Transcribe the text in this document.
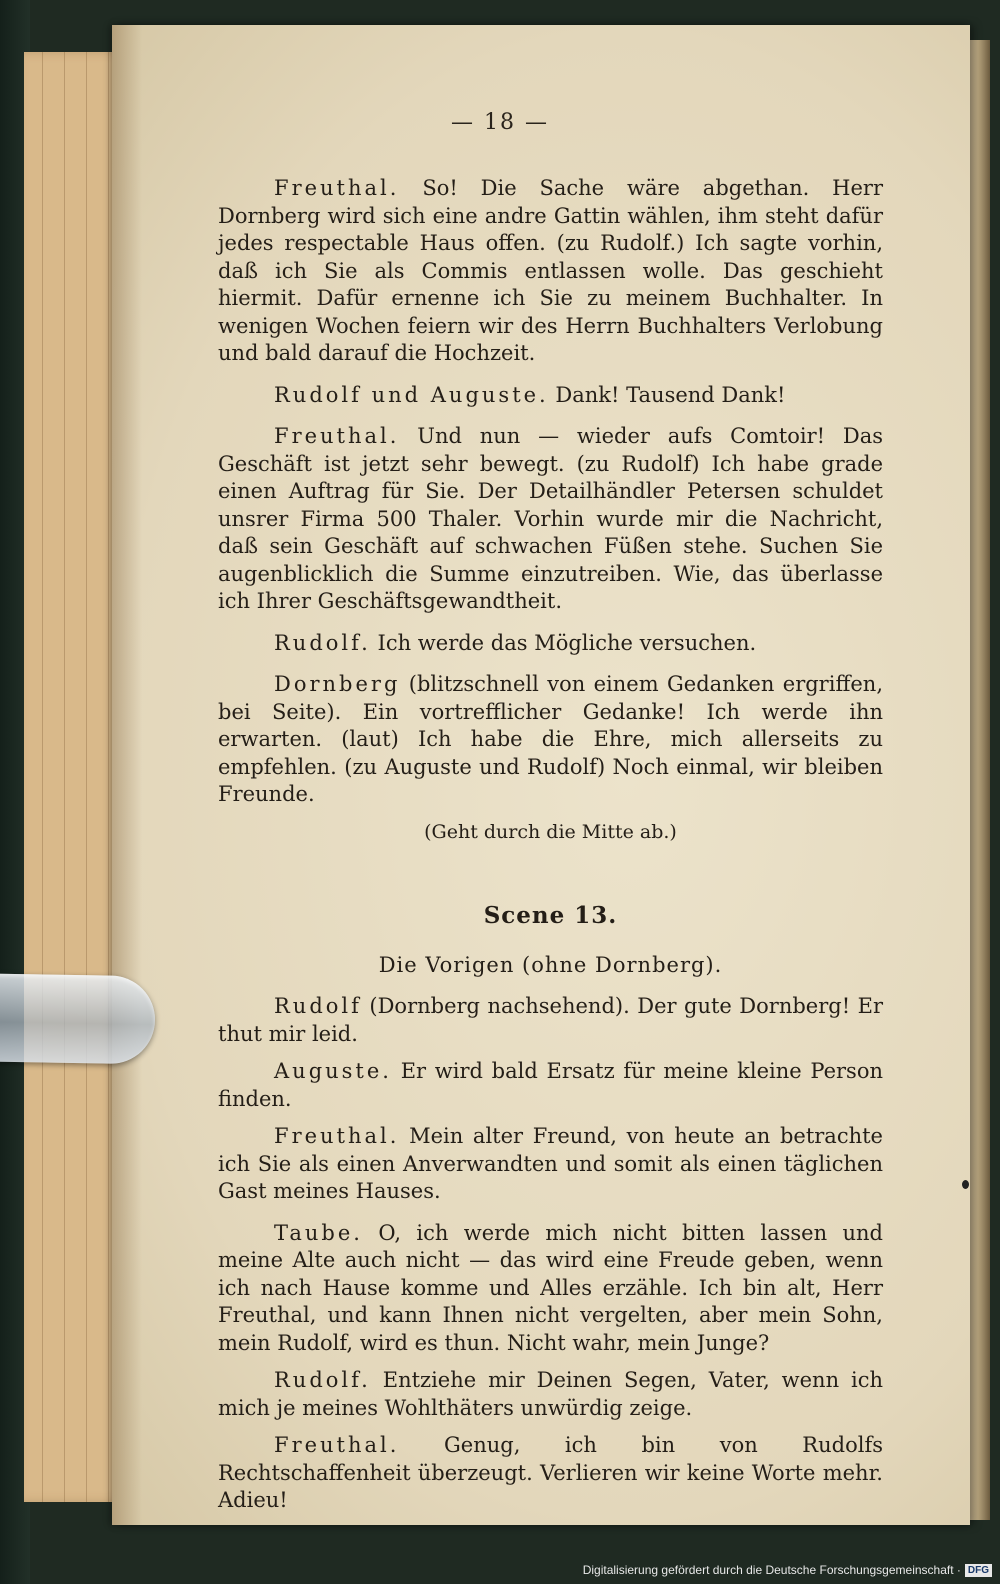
— 18 —

Freuthal. So! Die Sache wäre abgethan. Herr Dornberg wird sich eine andre Gattin wählen, ihm steht dafür jedes respectable Haus offen. (zu Rudolf.) Ich sagte vorhin, daß ich Sie als Commis entlassen wolle. Das geschieht hiermit. Dafür ernenne ich Sie zu meinem Buchhalter. In wenigen Wochen feiern wir des Herrn Buchhalters Verlobung und bald darauf die Hochzeit.

Rudolf und Auguste. Dank! Tausend Dank!

Freuthal. Und nun — wieder aufs Comtoir! Das Geschäft ist jetzt sehr bewegt. (zu Rudolf) Ich habe grade einen Auftrag für Sie. Der Detailhändler Petersen schuldet unsrer Firma 500 Thaler. Vorhin wurde mir die Nachricht, daß sein Geschäft auf schwachen Füßen stehe. Suchen Sie augenblicklich die Summe einzutreiben. Wie, das überlasse ich Ihrer Geschäftsgewandtheit.

Rudolf. Ich werde das Mögliche versuchen.

Dornberg (blitzschnell von einem Gedanken ergriffen, bei Seite). Ein vortrefflicher Gedanke! Ich werde ihn erwarten. (laut) Ich habe die Ehre, mich allerseits zu empfehlen. (zu Auguste und Rudolf) Noch einmal, wir bleiben Freunde.

(Geht durch die Mitte ab.)

Scene 13.

Die Vorigen (ohne Dornberg).

Rudolf (Dornberg nachsehend). Der gute Dornberg! Er thut mir leid.

Auguste. Er wird bald Ersatz für meine kleine Person finden.

Freuthal. Mein alter Freund, von heute an betrachte ich Sie als einen Anverwandten und somit als einen täglichen Gast meines Hauses.

Taube. O, ich werde mich nicht bitten lassen und meine Alte auch nicht — das wird eine Freude geben, wenn ich nach Hause komme und Alles erzähle. Ich bin alt, Herr Freuthal, und kann Ihnen nicht vergelten, aber mein Sohn, mein Rudolf, wird es thun. Nicht wahr, mein Junge?

Rudolf. Entziehe mir Deinen Segen, Vater, wenn ich mich je meines Wohlthäters unwürdig zeige.

Freuthal. Genug, ich bin von Rudolfs Rechtschaffenheit überzeugt. Verlieren wir keine Worte mehr. Adieu!

Digitalisierung gefördert durch die Deutsche Forschungsgemeinschaft · DFG
